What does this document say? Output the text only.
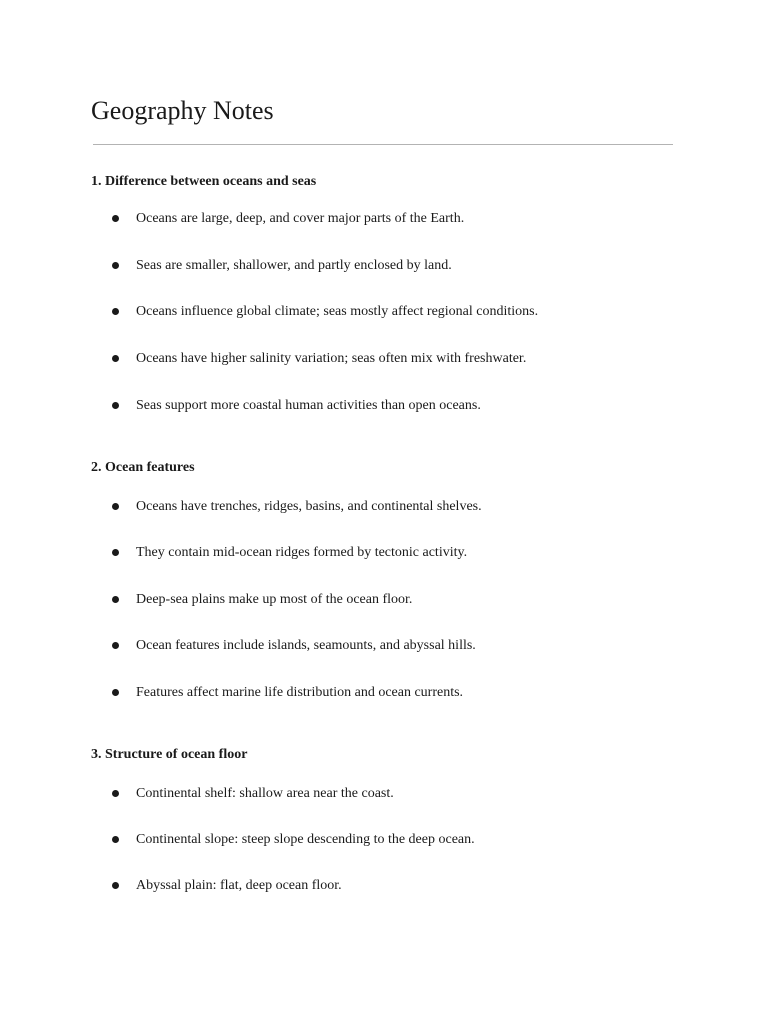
Geography Notes
1. Difference between oceans and seas
Oceans are large, deep, and cover major parts of the Earth.
Seas are smaller, shallower, and partly enclosed by land.
Oceans influence global climate; seas mostly affect regional conditions.
Oceans have higher salinity variation; seas often mix with freshwater.
Seas support more coastal human activities than open oceans.
2. Ocean features
Oceans have trenches, ridges, basins, and continental shelves.
They contain mid-ocean ridges formed by tectonic activity.
Deep-sea plains make up most of the ocean floor.
Ocean features include islands, seamounts, and abyssal hills.
Features affect marine life distribution and ocean currents.
3. Structure of ocean floor
Continental shelf: shallow area near the coast.
Continental slope: steep slope descending to the deep ocean.
Abyssal plain: flat, deep ocean floor.
